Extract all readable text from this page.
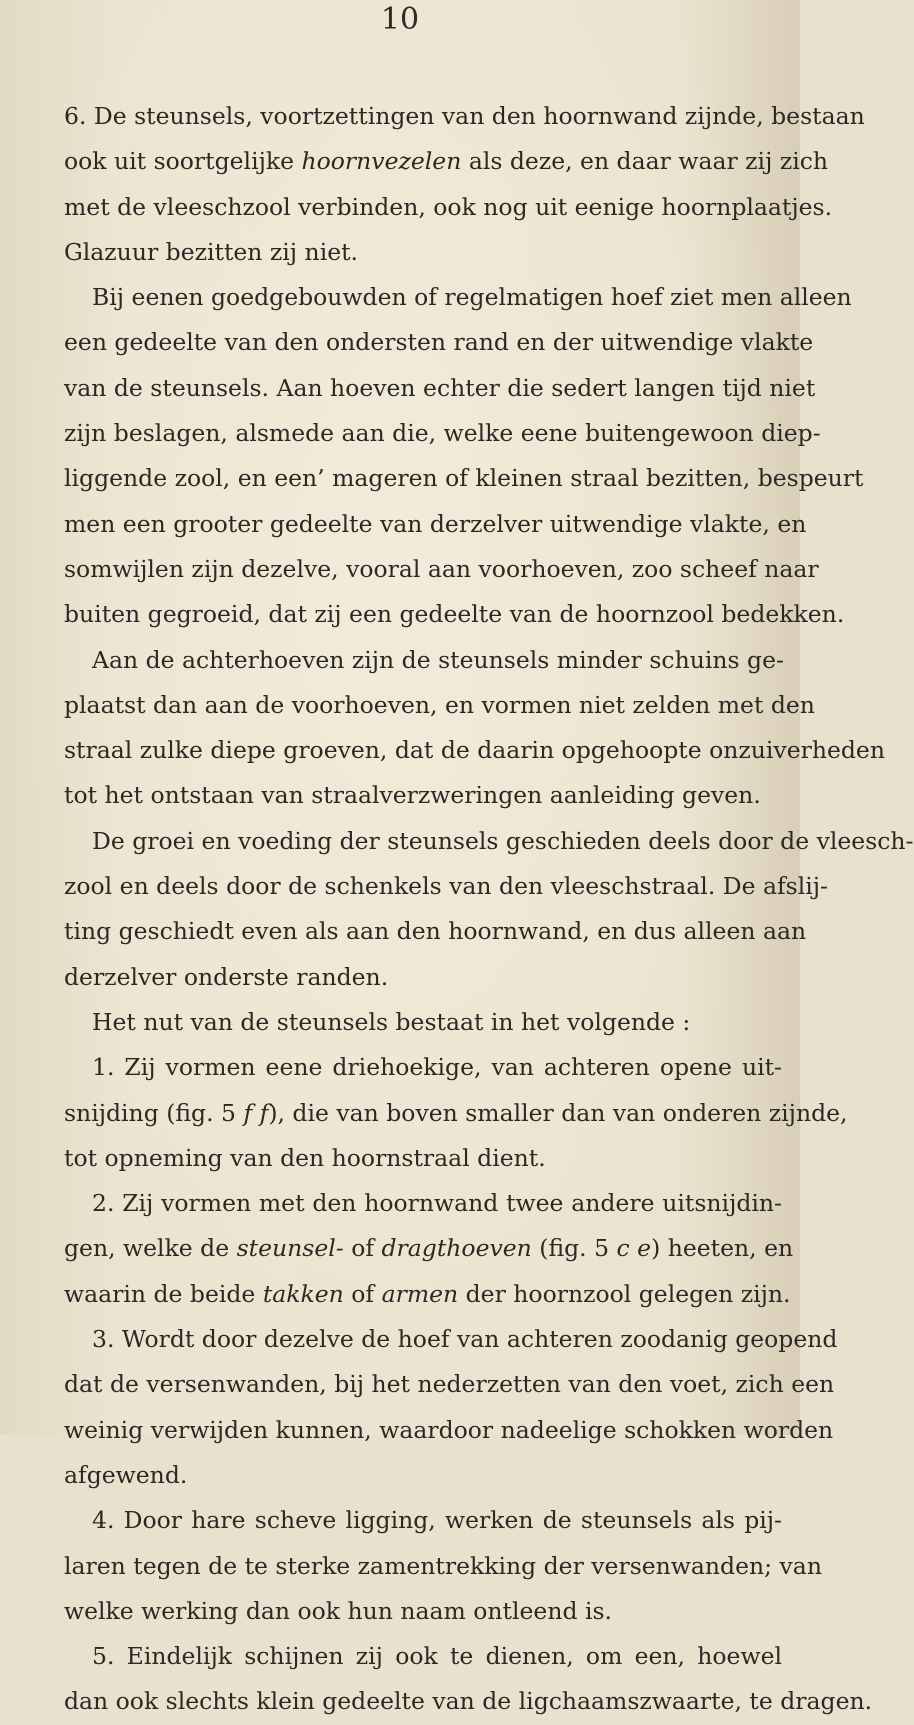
10
6. De steunsels, voortzettingen van den hoornwand zijnde, bestaan
ook uit soortgelijke hoornvezelen als deze, en daar waar zij zich
met de vleeschzool verbinden, ook nog uit eenige hoornplaatjes.
Glazuur bezitten zij niet.
Bij eenen goedgebouwden of regelmatigen hoef ziet men alleen
een gedeelte van den ondersten rand en der uitwendige vlakte
van de steunsels. Aan hoeven echter die sedert langen tijd niet
zijn beslagen, alsmede aan die, welke eene buitengewoon diep-
liggende zool, en een’ mageren of kleinen straal bezitten, bespeurt
men een grooter gedeelte van derzelver uitwendige vlakte, en
somwijlen zijn dezelve, vooral aan voorhoeven, zoo scheef naar
buiten gegroeid, dat zij een gedeelte van de hoornzool bedekken.
Aan de achterhoeven zijn de steunsels minder schuins ge-
plaatst dan aan de voorhoeven, en vormen niet zelden met den
straal zulke diepe groeven, dat de daarin opgehoopte onzuiverheden
tot het ontstaan van straalverzweringen aanleiding geven.
De groei en voeding der steunsels geschieden deels door de vleesch-
zool en deels door de schenkels van den vleeschstraal. De afslij-
ting geschiedt even als aan den hoornwand, en dus alleen aan
derzelver onderste randen.
Het nut van de steunsels bestaat in het volgende :
1. Zij vormen eene driehoekige, van achteren opene uit-
snijding (fig. 5 f f), die van boven smaller dan van onderen zijnde,
tot opneming van den hoornstraal dient.
2. Zij vormen met den hoornwand twee andere uitsnijdin-
gen, welke de steunsel- of dragthoeven (fig. 5 c e) heeten, en
waarin de beide takken of armen der hoornzool gelegen zijn.
3. Wordt door dezelve de hoef van achteren zoodanig geopend
dat de versenwanden, bij het nederzetten van den voet, zich een
weinig verwijden kunnen, waardoor nadeelige schokken worden
afgewend.
4. Door hare scheve ligging, werken de steunsels als pij-
laren tegen de te sterke zamentrekking der versenwanden; van
welke werking dan ook hun naam ontleend is.
5. Eindelijk schijnen zij ook te dienen, om een, hoewel
dan ook slechts klein gedeelte van de ligchaamszwaarte, te dragen.
